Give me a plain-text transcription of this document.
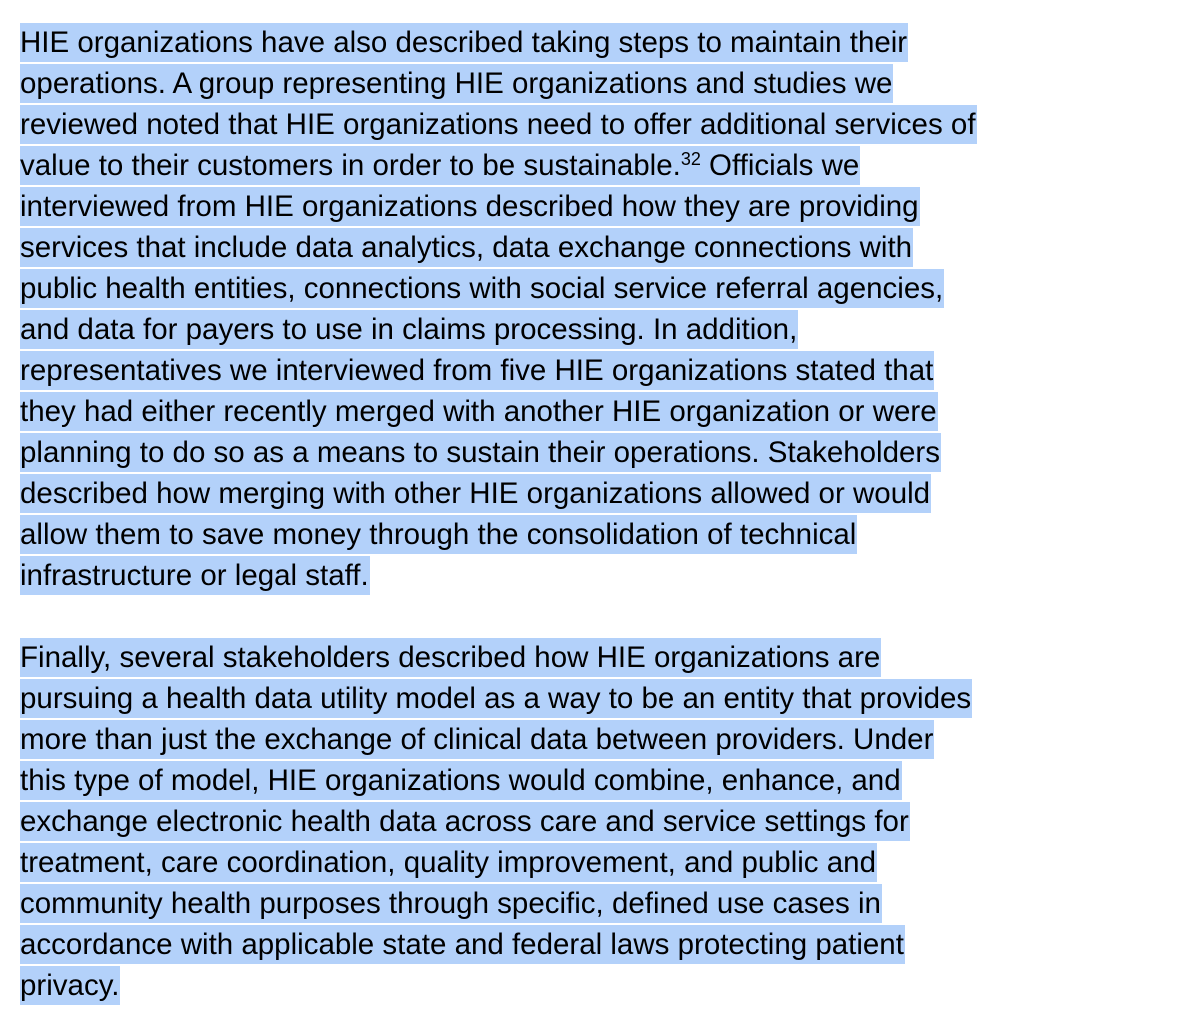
HIE organizations have also described taking steps to maintain their
operations. A group representing HIE organizations and studies we
reviewed noted that HIE organizations need to offer additional services of
value to their customers in order to be sustainable.$^{32}$ Officials we
interviewed from HIE organizations described how they are providing
services that include data analytics, data exchange connections with
public health entities, connections with social service referral agencies,
and data for payers to use in claims processing. In addition,
representatives we interviewed from five HIE organizations stated that
they had either recently merged with another HIE organization or were
planning to do so as a means to sustain their operations. Stakeholders
described how merging with other HIE organizations allowed or would
allow them to save money through the consolidation of technical
infrastructure or legal staff.
Finally, several stakeholders described how HIE organizations are
pursuing a health data utility model as a way to be an entity that provides
more than just the exchange of clinical data between providers. Under
this type of model, HIE organizations would combine, enhance, and
exchange electronic health data across care and service settings for
treatment, care coordination, quality improvement, and public and
community health purposes through specific, defined use cases in
accordance with applicable state and federal laws protecting patient
privacy.
